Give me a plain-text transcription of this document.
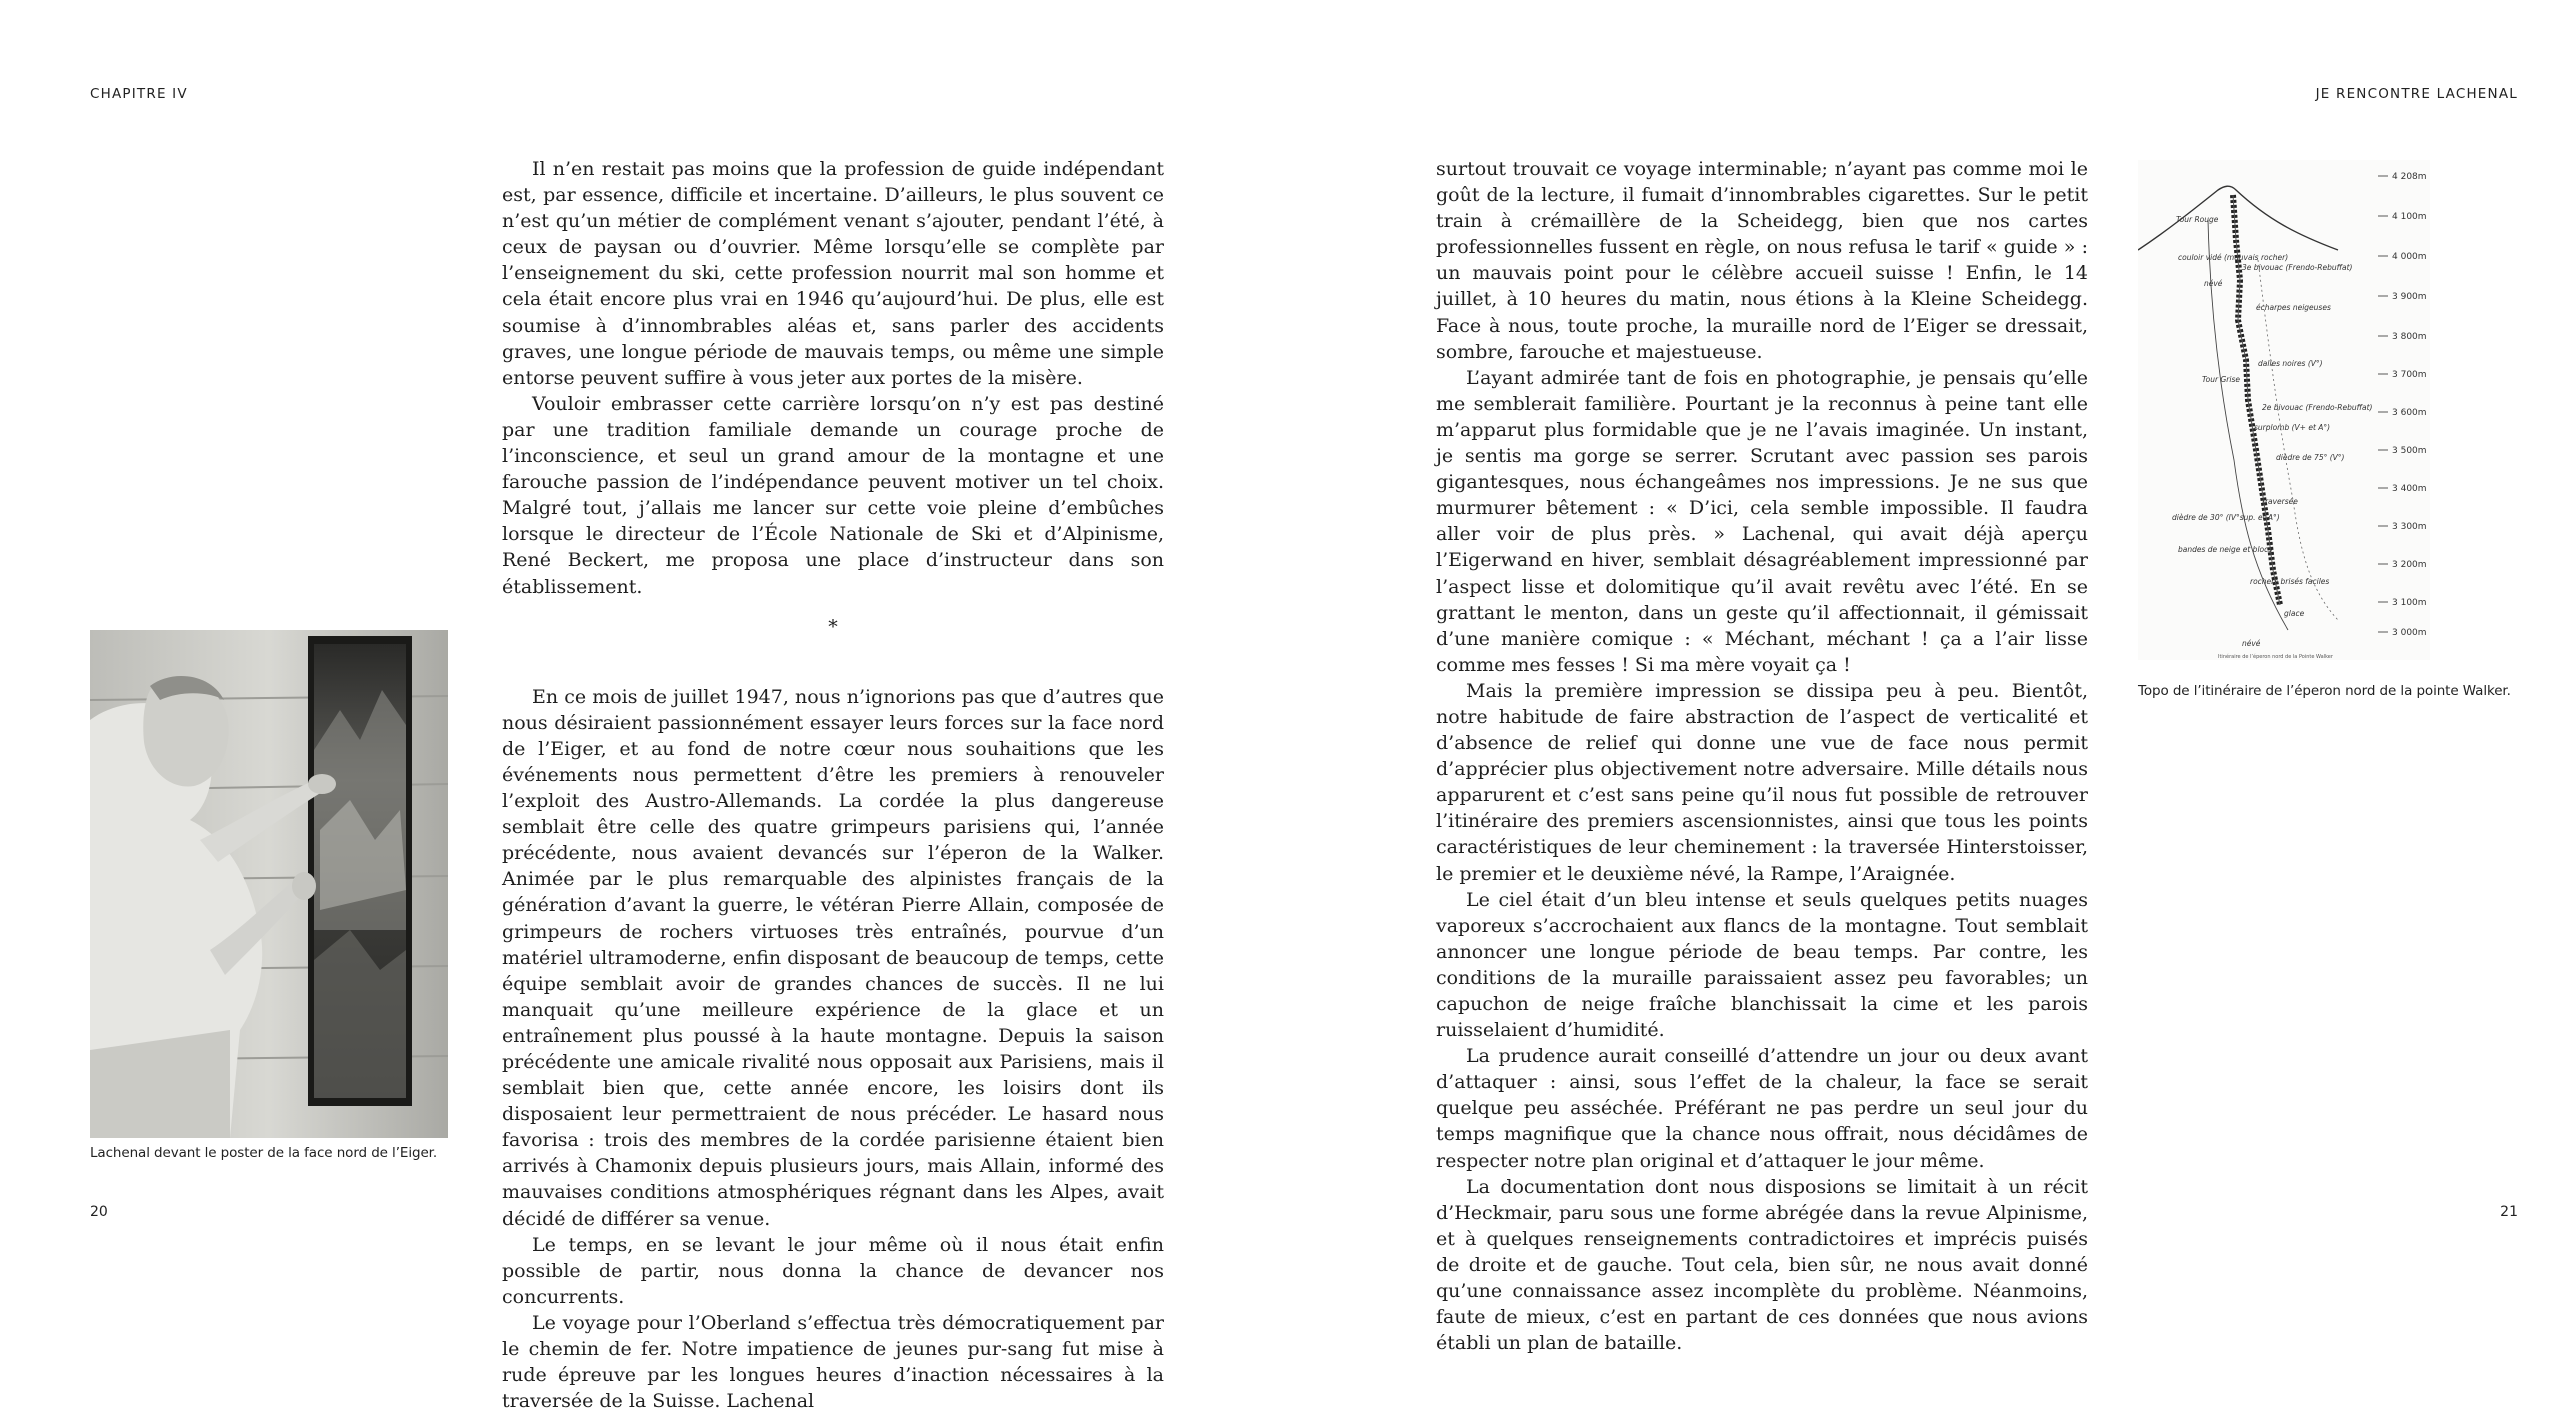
CHAPITRE IV

Il n’en restait pas moins que la profession de guide indépendant est, par essence, difficile et incertaine. D’ailleurs, le plus souvent ce n’est qu’un métier de complément venant s’ajouter, pendant l’été, à ceux de paysan ou d’ouvrier. Même lorsqu’elle se complète par l’enseignement du ski, cette profession nourrit mal son homme et cela était encore plus vrai en 1946 qu’aujourd’hui. De plus, elle est soumise à d’innombrables aléas et, sans parler des accidents graves, une longue période de mauvais temps, ou même une simple entorse peuvent suffire à vous jeter aux portes de la misère.

Vouloir embrasser cette carrière lorsqu’on n’y est pas destiné par une tradition familiale demande un courage proche de l’inconscience, et seul un grand amour de la montagne et une farouche passion de l’indépendance peuvent motiver un tel choix. Malgré tout, j’allais me lancer sur cette voie pleine d’embûches lorsque le directeur de l’École Nationale de Ski et d’Alpinisme, René Beckert, me proposa une place d’instructeur dans son établissement.

*

En ce mois de juillet 1947, nous n’ignorions pas que d’autres que nous désiraient passionnément essayer leurs forces sur la face nord de l’Eiger, et au fond de notre cœur nous souhaitions que les événements nous permettent d’être les premiers à renouveler l’exploit des Austro-Allemands. La cordée la plus dangereuse semblait être celle des quatre grimpeurs parisiens qui, l’année précédente, nous avaient devancés sur l’éperon de la Walker. Animée par le plus remarquable des alpinistes français de la génération d’avant la guerre, le vétéran Pierre Allain, composée de grimpeurs de rochers virtuoses très entraînés, pourvue d’un matériel ultramoderne, enfin disposant de beaucoup de temps, cette équipe semblait avoir de grandes chances de succès. Il ne lui manquait qu’une meilleure expérience de la glace et un entraînement plus poussé à la haute montagne. Depuis la saison précédente une amicale rivalité nous opposait aux Parisiens, mais il semblait bien que, cette année encore, les loisirs dont ils disposaient leur permettraient de nous précéder. Le hasard nous favorisa : trois des membres de la cordée parisienne étaient bien arrivés à Chamonix depuis plusieurs jours, mais Allain, informé des mauvaises conditions atmosphériques régnant dans les Alpes, avait décidé de différer sa venue.

Le temps, en se levant le jour même où il nous était enfin possible de partir, nous donna la chance de devancer nos concurrents.

Le voyage pour l’Oberland s’effectua très démocratiquement par le chemin de fer. Notre impatience de jeunes pur-sang fut mise à rude épreuve par les longues heures d’inaction nécessaires à la traversée de la Suisse. Lachenal

Lachenal devant le poster de la face nord de l’Eiger.
20
JE RENCONTRE LACHENAL

surtout trouvait ce voyage interminable; n’ayant pas comme moi le goût de la lecture, il fumait d’innombrables cigarettes. Sur le petit train à crémaillère de la Scheidegg, bien que nos cartes professionnelles fussent en règle, on nous refusa le tarif « guide » : un mauvais point pour le célèbre accueil suisse ! Enfin, le 14 juillet, à 10 heures du matin, nous étions à la Kleine Scheidegg. Face à nous, toute proche, la muraille nord de l’Eiger se dressait, sombre, farouche et majestueuse.

L’ayant admirée tant de fois en photographie, je pensais qu’elle me semblerait familière. Pourtant je la reconnus à peine tant elle m’apparut plus formidable que je ne l’avais imaginée. Un instant, je sentis ma gorge se serrer. Scrutant avec passion ses parois gigantesques, nous échangeâmes nos impressions. Je ne sus que murmurer bêtement : « D’ici, cela semble impossible. Il faudra aller voir de plus près. » Lachenal, qui avait déjà aperçu l’Eigerwand en hiver, semblait désagréablement impressionné par l’aspect lisse et dolomitique qu’il avait revêtu avec l’été. En se grattant le menton, dans un geste qu’il affectionnait, il gémissait d’une manière comique : « Méchant, méchant ! ça a l’air lisse comme mes fesses ! Si ma mère voyait ça !

Mais la première impression se dissipa peu à peu. Bientôt, notre habitude de faire abstraction de l’aspect de verticalité et d’absence de relief qui donne une vue de face nous permit d’apprécier plus objectivement notre adversaire. Mille détails nous apparurent et c’est sans peine qu’il nous fut possible de retrouver l’itinéraire des premiers ascensionnistes, ainsi que tous les points caractéristiques de leur cheminement : la traversée Hinterstoisser, le premier et le deuxième névé, la Rampe, l’Araignée.

Le ciel était d’un bleu intense et seuls quelques petits nuages vaporeux s’accrochaient aux flancs de la montagne. Tout semblait annoncer une longue période de beau temps. Par contre, les conditions de la muraille paraissaient assez peu favorables; un capuchon de neige fraîche blanchissait la cime et les parois ruisselaient d’humidité.

La prudence aurait conseillé d’attendre un jour ou deux avant d’attaquer : ainsi, sous l’effet de la chaleur, la face se serait quelque peu asséchée. Préférant ne pas perdre un seul jour du temps magnifique que la chance nous offrait, nous décidâmes de respecter notre plan original et d’attaquer le jour même.

La documentation dont nous disposions se limitait à un récit d’Heckmair, paru sous une forme abrégée dans la revue Alpinisme, et à quelques renseignements contradictoires et imprécis puisés de droite et de gauche. Tout cela, bien sûr, ne nous avait donné qu’une connaissance assez incomplète du problème. Néanmoins, faute de mieux, c’est en partant de ces données que nous avions établi un plan de bataille.

4 208m
4 100m
4 000m
3 900m
3 800m
3 700m
3 600m
3 500m
3 400m
3 300m
3 200m
3 100m
3 000m
Tour Rouge
Tour Grise
couloir vidé (mauvais rocher)
névé
3e bivouac (Frendo-Rebuffat)
écharpes neigeuses
dalles noires (V°)
2e bivouac (Frendo-Rebuffat)
surplomb (V+ et A°)
dièdre de 75° (V°)
traversée
dièdre de 30° (IV°sup. et A°)
bandes de neige et blocs
rochers brisés faciles
glace
névé
Itinéraire de l’éperon nord de la Pointe Walker
Topo de l’itinéraire de l’éperon nord de la pointe Walker.
21
